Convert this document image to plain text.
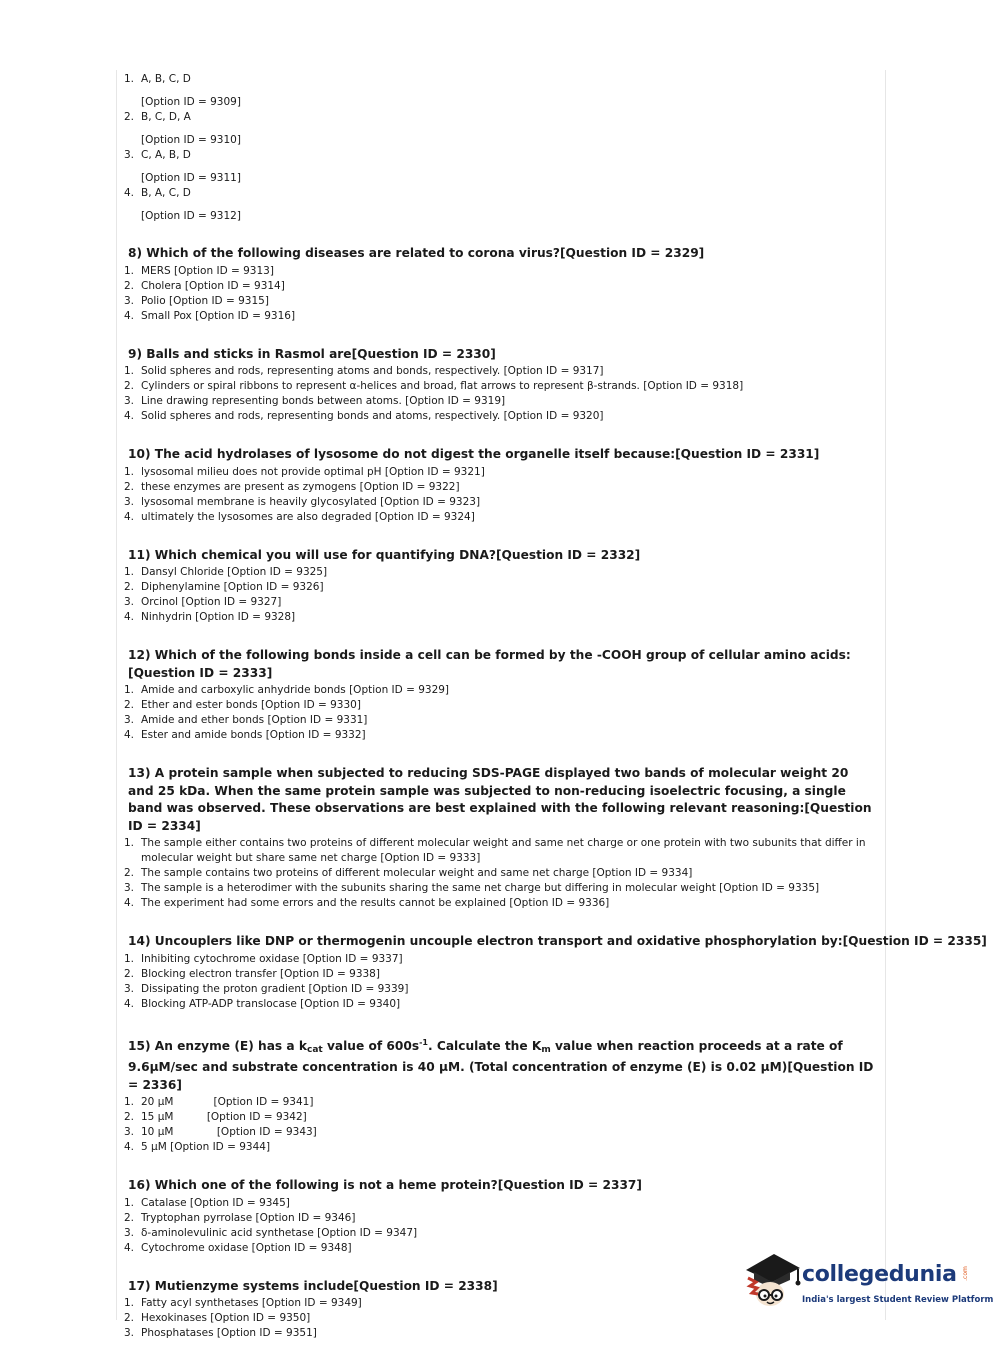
1. A, B, C, D
[Option ID = 9309]
2. B, C, D, A
[Option ID = 9310]
3. C, A, B, D
[Option ID = 9311]
4. B, A, C, D
[Option ID = 9312]
8) Which of the following diseases are related to corona virus?[Question ID = 2329]
1. MERS [Option ID = 9313]
2. Cholera [Option ID = 9314]
3. Polio [Option ID = 9315]
4. Small Pox [Option ID = 9316]
9) Balls and sticks in Rasmol are[Question ID = 2330]
1. Solid spheres and rods, representing atoms and bonds, respectively. [Option ID = 9317]
2. Cylinders or spiral ribbons to represent α-helices and broad, flat arrows to represent β-strands. [Option ID = 9318]
3. Line drawing representing bonds between atoms. [Option ID = 9319]
4. Solid spheres and rods, representing bonds and atoms, respectively. [Option ID = 9320]
10) The acid hydrolases of lysosome do not digest the organelle itself because:[Question ID = 2331]
1. lysosomal milieu does not provide optimal pH [Option ID = 9321]
2. these enzymes are present as zymogens [Option ID = 9322]
3. lysosomal membrane is heavily glycosylated [Option ID = 9323]
4. ultimately the lysosomes are also degraded [Option ID = 9324]
11) Which chemical you will use for quantifying DNA?[Question ID = 2332]
1. Dansyl Chloride [Option ID = 9325]
2. Diphenylamine [Option ID = 9326]
3. Orcinol [Option ID = 9327]
4. Ninhydrin [Option ID = 9328]
12) Which of the following bonds inside a cell can be formed by the -COOH group of cellular amino acids:[Question ID = 2333]
1. Amide and carboxylic anhydride bonds [Option ID = 9329]
2. Ether and ester bonds [Option ID = 9330]
3. Amide and ether bonds [Option ID = 9331]
4. Ester and amide bonds [Option ID = 9332]
13) A protein sample when subjected to reducing SDS-PAGE displayed two bands of molecular weight 20 and 25 kDa. When the same protein sample was subjected to non-reducing isoelectric focusing, a single band was observed. These observations are best explained with the following relevant reasoning:[Question ID = 2334]
1. The sample either contains two proteins of different molecular weight and same net charge or one protein with two subunits that differ in molecular weight but share same net charge [Option ID = 9333]
2. The sample contains two proteins of different molecular weight and same net charge [Option ID = 9334]
3. The sample is a heterodimer with the subunits sharing the same net charge but differing in molecular weight [Option ID = 9335]
4. The experiment had some errors and the results cannot be explained [Option ID = 9336]
14) Uncouplers like DNP or thermogenin uncouple electron transport and oxidative phosphorylation by:[Question ID = 2335]
1. Inhibiting cytochrome oxidase [Option ID = 9337]
2. Blocking electron transfer [Option ID = 9338]
3. Dissipating the proton gradient [Option ID = 9339]
4. Blocking ATP-ADP translocase [Option ID = 9340]
15) An enzyme (E) has a kcat value of $600s^{-1}$. Calculate the Km value when reaction proceeds at a rate of 9.6μM/sec and substrate concentration is 40 μM. (Total concentration of enzyme (E) is 0.02 μM)[Question ID = 2336]
1. 20 μM            [Option ID = 9341]
2. 15 μM          [Option ID = 9342]
3. 10 μM             [Option ID = 9343]
4. 5 μM [Option ID = 9344]
16) Which one of the following is not a heme protein?[Question ID = 2337]
1. Catalase [Option ID = 9345]
2. Tryptophan pyrrolase [Option ID = 9346]
3. δ-aminolevulinic acid synthetase [Option ID = 9347]
4. Cytochrome oxidase [Option ID = 9348]
17) Mutienzyme systems include[Question ID = 2338]
1. Fatty acyl synthetases [Option ID = 9349]
2. Hexokinases [Option ID = 9350]
3. Phosphatases [Option ID = 9351]
collegedunia .com
India's largest Student Review Platform
